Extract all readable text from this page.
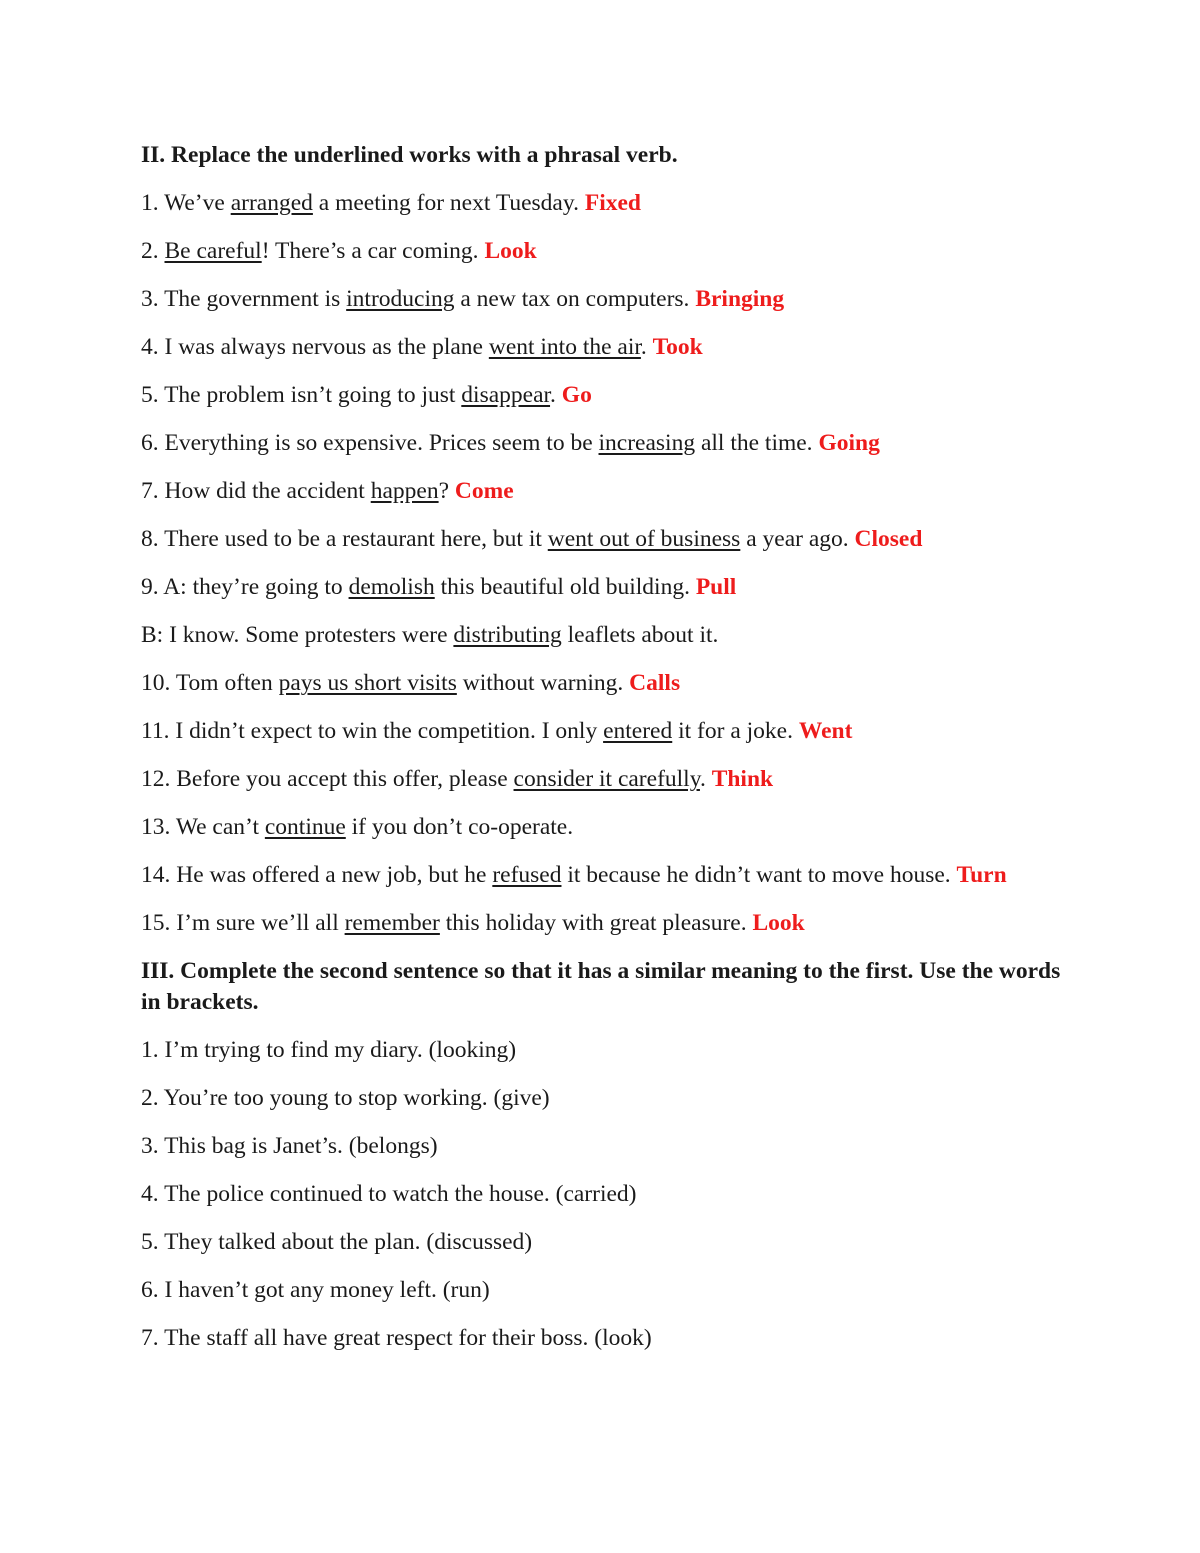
II. Replace the underlined works with a phrasal verb.

1. We’ve arranged a meeting for next Tuesday. Fixed

2. Be careful! There’s a car coming. Look

3. The government is introducing a new tax on computers. Bringing

4. I was always nervous as the plane went into the air. Took

5. The problem isn’t going to just disappear. Go

6. Everything is so expensive. Prices seem to be increasing all the time. Going

7. How did the accident happen? Come

8. There used to be a restaurant here, but it went out of business a year ago. Closed

9. A: they’re going to demolish this beautiful old building. Pull

B: I know. Some protesters were distributing leaflets about it.

10. Tom often pays us short visits without warning. Calls

11. I didn’t expect to win the competition. I only entered it for a joke. Went

12. Before you accept this offer, please consider it carefully. Think

13. We can’t continue if you don’t co-operate.

14. He was offered a new job, but he refused it because he didn’t want to move house. Turn

15. I’m sure we’ll all remember this holiday with great pleasure. Look

III. Complete the second sentence so that it has a similar meaning to the first. Use the words in brackets.

1. I’m trying to find my diary. (looking)

2. You’re too young to stop working. (give)

3. This bag is Janet’s. (belongs)

4. The police continued to watch the house. (carried)

5. They talked about the plan. (discussed)

6. I haven’t got any money left. (run)

7. The staff all have great respect for their boss. (look)
